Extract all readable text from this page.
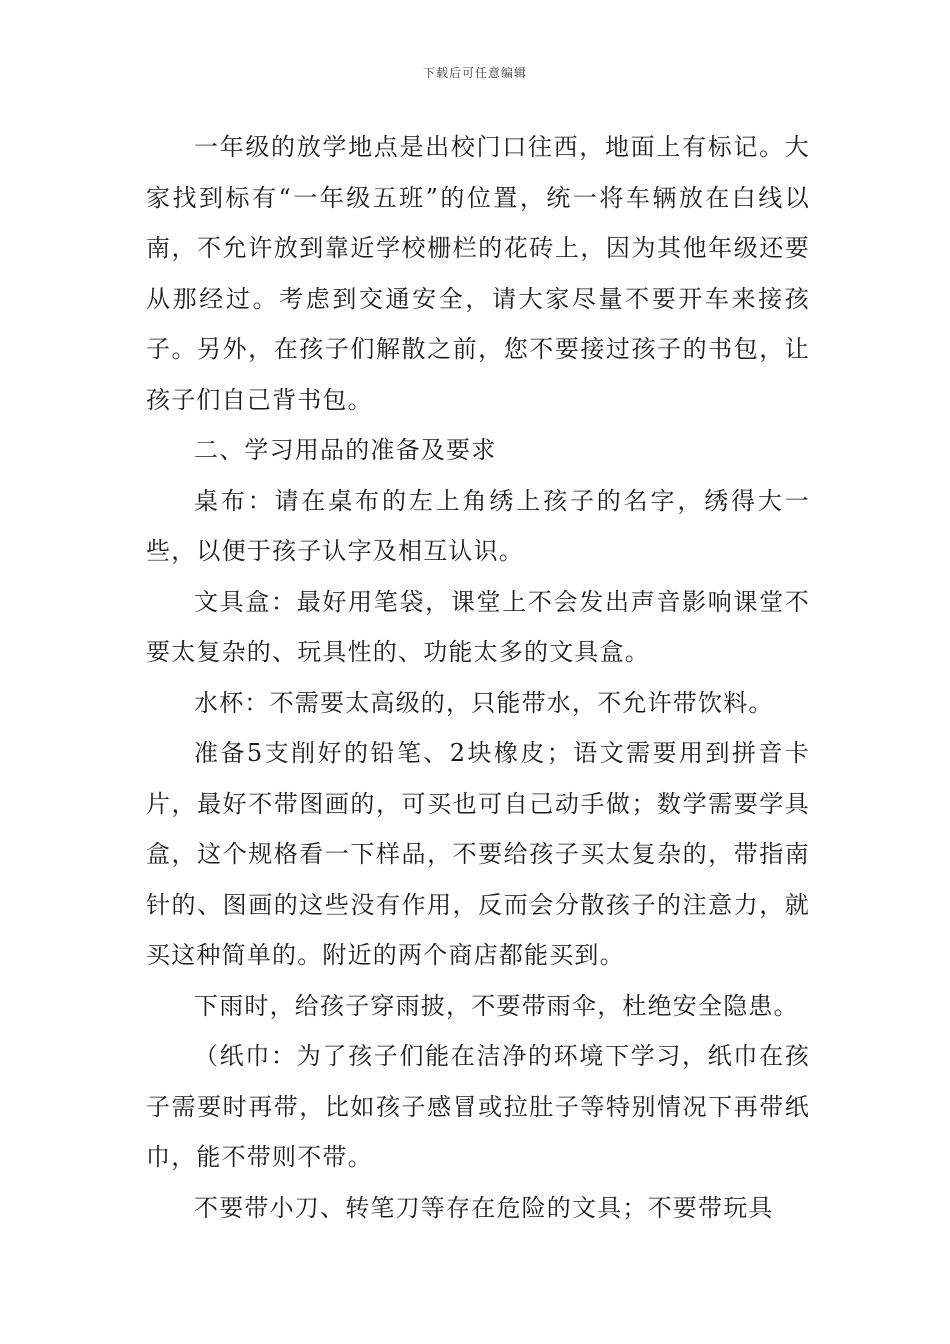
下载后可任意编辑

一年级的放学地点是出校门口往西，地面上有标记。大家找到标有“一年级五班”的位置，统一将车辆放在白线以南，不允许放到靠近学校栅栏的花砖上，因为其他年级还要从那经过。考虑到交通安全，请大家尽量不要开车来接孩子。另外，在孩子们解散之前，您不要接过孩子的书包，让孩子们自己背书包。

二、学习用品的准备及要求

桌布：请在桌布的左上角绣上孩子的名字，绣得大一些，以便于孩子认字及相互认识。

文具盒：最好用笔袋，课堂上不会发出声音影响课堂不要太复杂的、玩具性的、功能太多的文具盒。

水杯：不需要太高级的，只能带水，不允许带饮料。

准备5支削好的铅笔、2块橡皮；语文需要用到拼音卡片，最好不带图画的，可买也可自己动手做；数学需要学具盒，这个规格看一下样品，不要给孩子买太复杂的，带指南针的、图画的这些没有作用，反而会分散孩子的注意力，就买这种简单的。附近的两个商店都能买到。

下雨时，给孩子穿雨披，不要带雨伞，杜绝安全隐患。

（纸巾：为了孩子们能在洁净的环境下学习，纸巾在孩子需要时再带，比如孩子感冒或拉肚子等特别情况下再带纸巾，能不带则不带。

不要带小刀、转笔刀等存在危险的文具；不要带玩具
